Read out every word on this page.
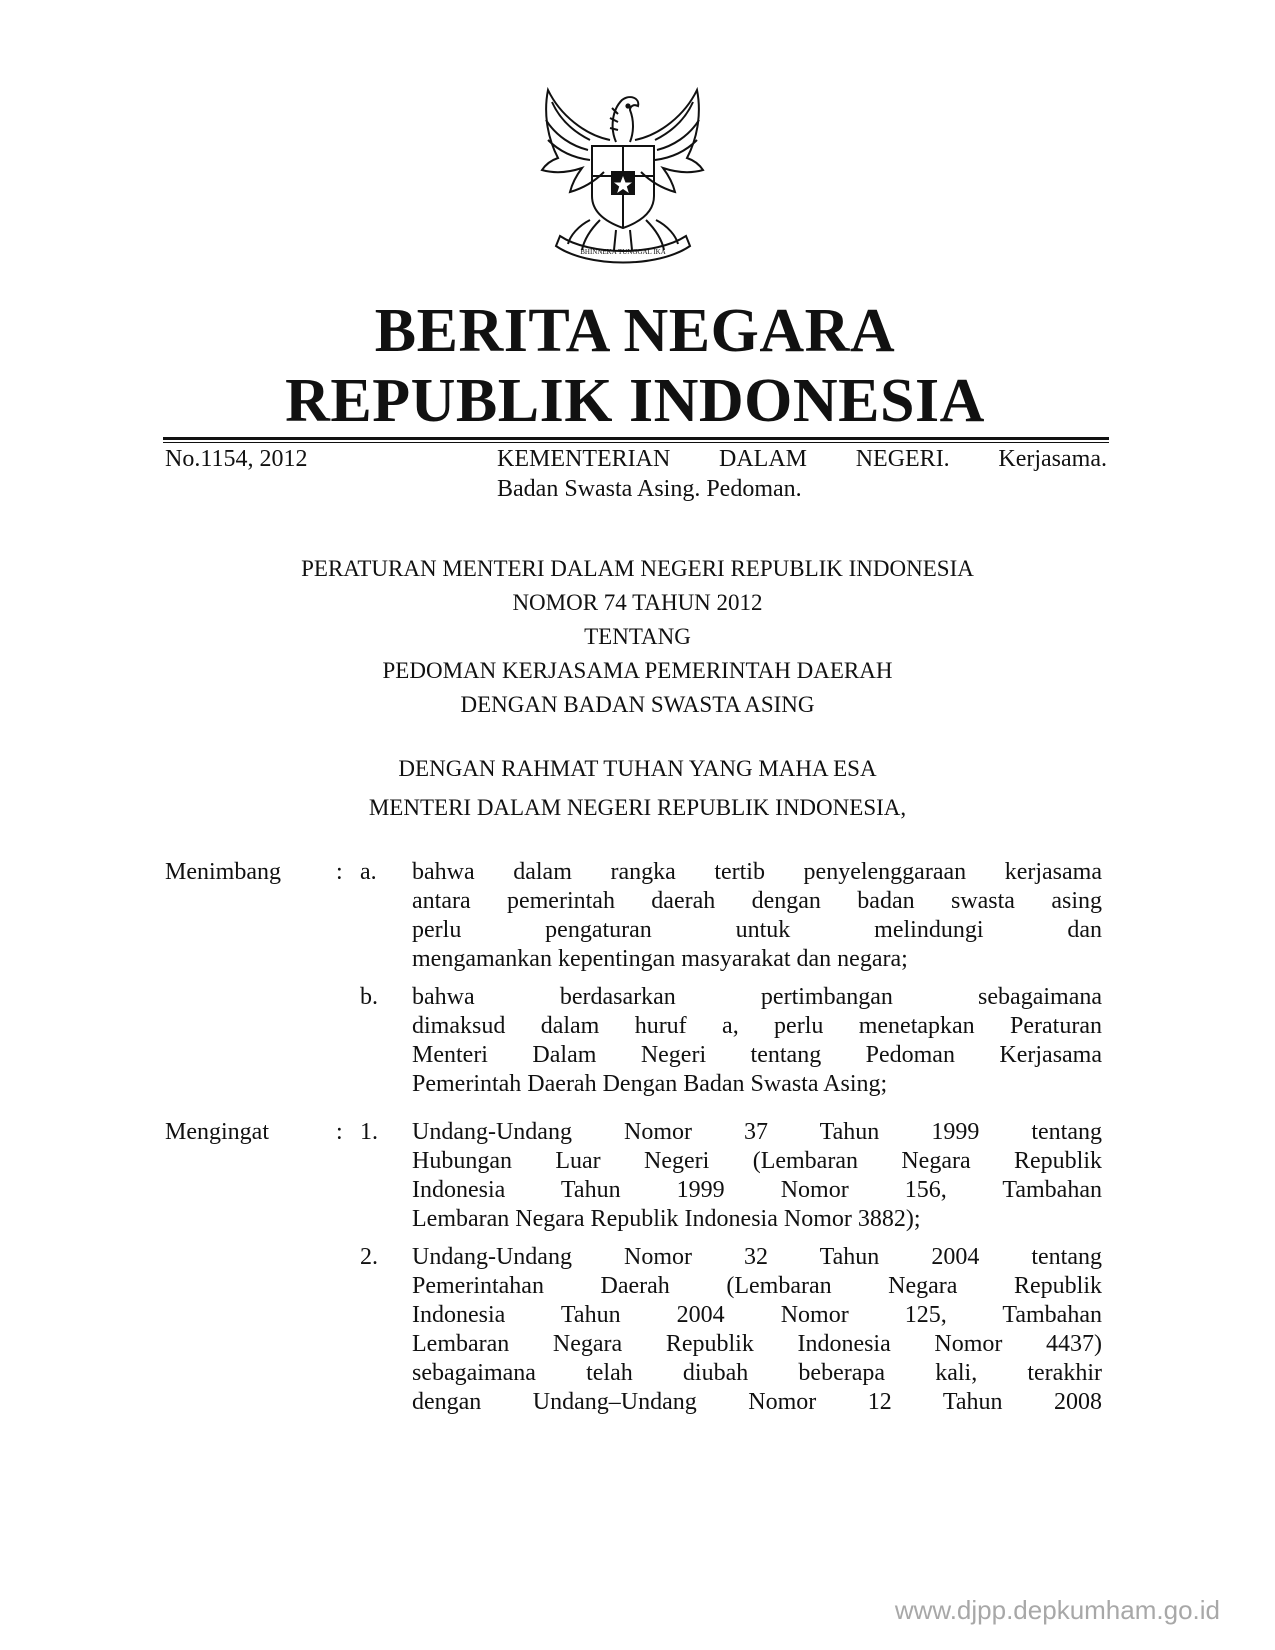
BHINNEKA TUNGGAL IKA
BERITA NEGARA
REPUBLIK INDONESIA
No.1154, 2012	KEMENTERIAN DALAM NEGERI. Kerjasama.
Badan Swasta Asing. Pedoman.
PERATURAN MENTERI DALAM NEGERI REPUBLIK INDONESIA
NOMOR 74 TAHUN 2012
TENTANG
PEDOMAN KERJASAMA PEMERINTAH DAERAH
DENGAN BADAN SWASTA ASING
DENGAN RAHMAT TUHAN YANG MAHA ESA
MENTERI DALAM NEGERI REPUBLIK INDONESIA,
Menimbang : a. bahwa dalam rangka tertib penyelenggaraan kerjasama
antara pemerintah daerah dengan badan swasta asing
perlu pengaturan untuk melindungi dan
mengamankan kepentingan masyarakat dan negara;
b. bahwa berdasarkan pertimbangan sebagaimana
dimaksud dalam huruf a, perlu menetapkan Peraturan
Menteri Dalam Negeri tentang Pedoman Kerjasama
Pemerintah Daerah Dengan Badan Swasta Asing;
Mengingat	: 1. Undang-Undang Nomor 37 Tahun 1999 tentang
Hubungan Luar Negeri (Lembaran Negara Republik
Indonesia Tahun 1999 Nomor 156, Tambahan
Lembaran Negara Republik Indonesia Nomor 3882);
2. Undang-Undang Nomor 32 Tahun 2004 tentang
Pemerintahan Daerah (Lembaran Negara Republik
Indonesia Tahun 2004 Nomor 125, Tambahan
Lembaran Negara Republik Indonesia Nomor 4437)
sebagaimana telah diubah beberapa kali, terakhir
dengan Undang–Undang Nomor 12 Tahun 2008
www.djpp.depkumham.go.id
